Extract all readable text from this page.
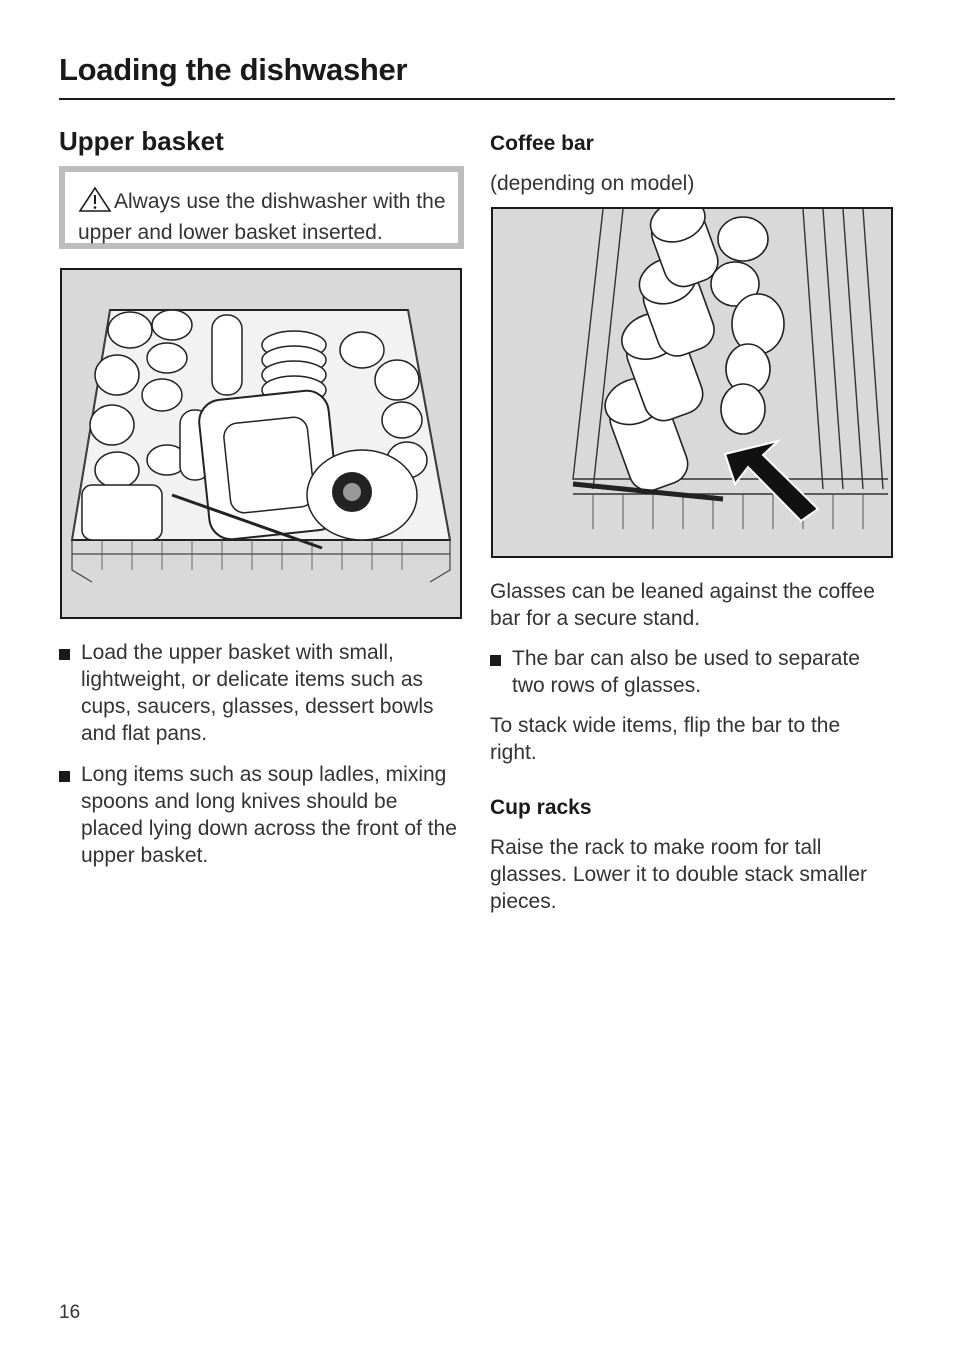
Loading the dishwasher
Upper basket
Always use the dishwasher with the upper and lower basket inserted.
Load the upper basket with small, lightweight, or delicate items such as cups, saucers, glasses, dessert bowls and flat pans.
Long items such as soup ladles, mixing spoons and long knives should be placed lying down across the front of the upper basket.
Coffee bar

(depending on model)

Glasses can be leaned against the coffee bar for a secure stand.

The bar can also be used to separate two rows of glasses.

To stack wide items, flip the bar to the right.

Cup racks

Raise the rack to make room for tall glasses. Lower it to double stack smaller pieces.

16
